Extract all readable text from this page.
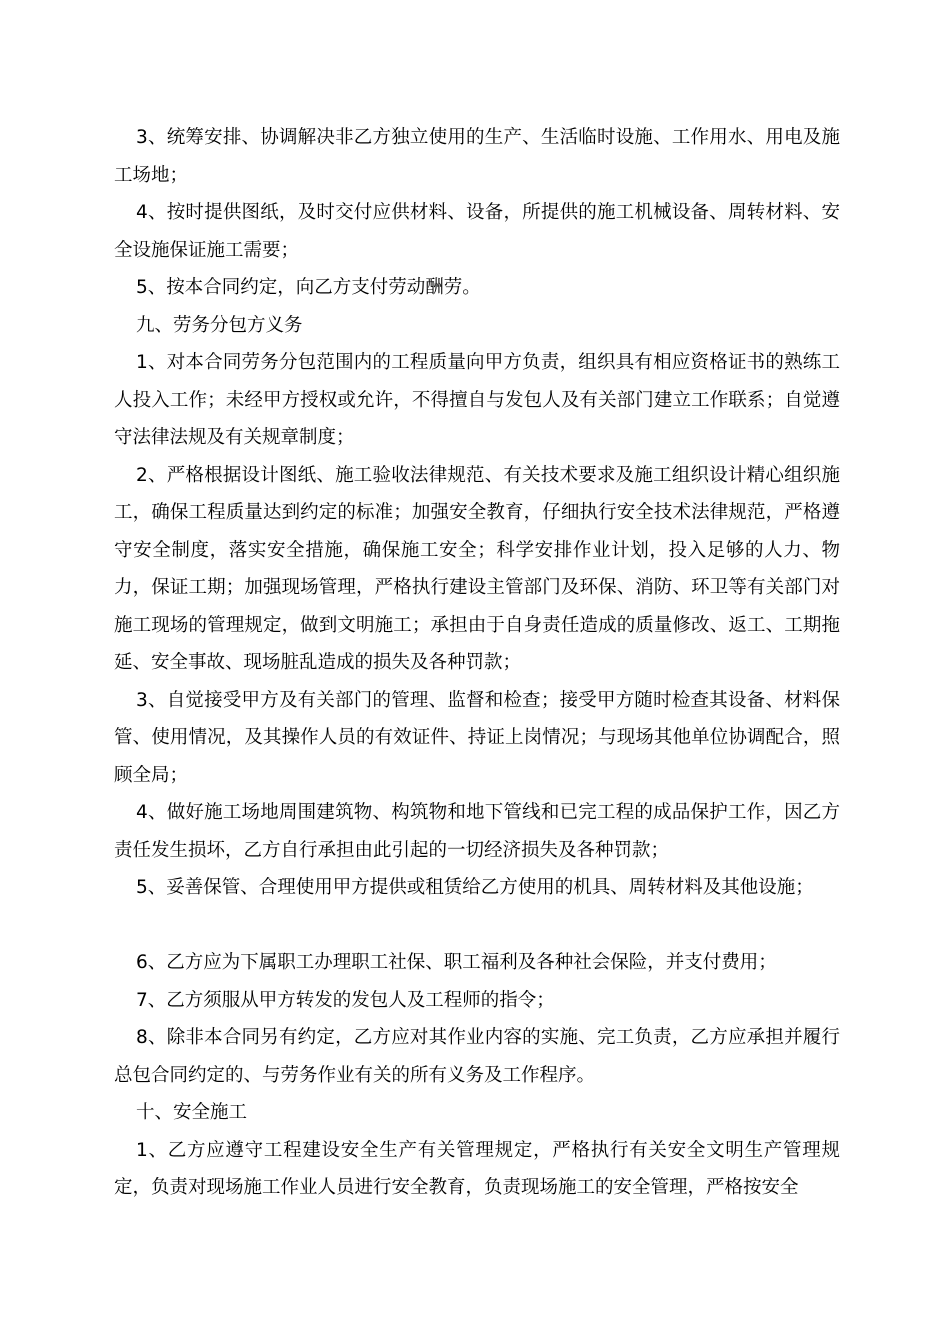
3、统筹安排、协调解决非乙方独立使用的生产、生活临时设施、工作用水、用电及施工场地；

4、按时提供图纸，及时交付应供材料、设备，所提供的施工机械设备、周转材料、安全设施保证施工需要；

5、按本合同约定，向乙方支付劳动酬劳。

九、劳务分包方义务

1、对本合同劳务分包范围内的工程质量向甲方负责，组织具有相应资格证书的熟练工人投入工作；未经甲方授权或允许，不得擅自与发包人及有关部门建立工作联系；自觉遵守法律法规及有关规章制度；

2、严格根据设计图纸、施工验收法律规范、有关技术要求及施工组织设计精心组织施工，确保工程质量达到约定的标准；加强安全教育，仔细执行安全技术法律规范，严格遵守安全制度，落实安全措施，确保施工安全；科学安排作业计划，投入足够的人力、物力，保证工期；加强现场管理，严格执行建设主管部门及环保、消防、环卫等有关部门对施工现场的管理规定，做到文明施工；承担由于自身责任造成的质量修改、返工、工期拖延、安全事故、现场脏乱造成的损失及各种罚款；

3、自觉接受甲方及有关部门的管理、监督和检查；接受甲方随时检查其设备、材料保管、使用情况，及其操作人员的有效证件、持证上岗情况；与现场其他单位协调配合，照顾全局；

4、做好施工场地周围建筑物、构筑物和地下管线和已完工程的成品保护工作，因乙方责任发生损坏，乙方自行承担由此引起的一切经济损失及各种罚款；

5、妥善保管、合理使用甲方提供或租赁给乙方使用的机具、周转材料及其他设施；

6、乙方应为下属职工办理职工社保、职工福利及各种社会保险，并支付费用；

7、乙方须服从甲方转发的发包人及工程师的指令；

8、除非本合同另有约定，乙方应对其作业内容的实施、完工负责，乙方应承担并履行总包合同约定的、与劳务作业有关的所有义务及工作程序。

十、安全施工

1、乙方应遵守工程建设安全生产有关管理规定，严格执行有关安全文明生产管理规定，负责对现场施工作业人员进行安全教育，负责现场施工的安全管理，严格按安全
